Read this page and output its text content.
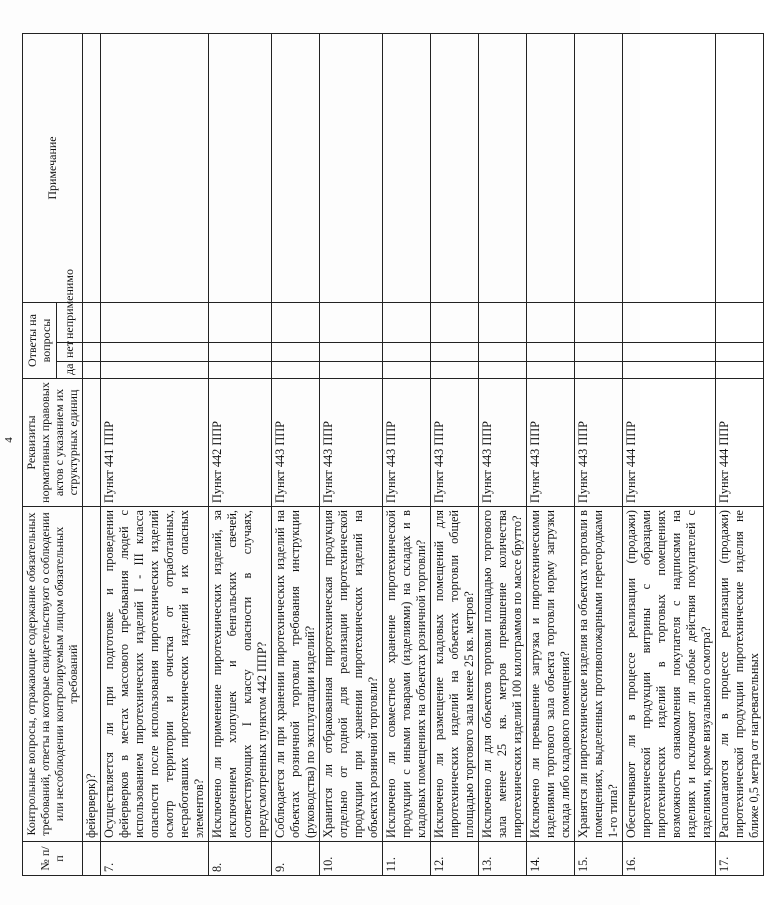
4
№ п/п	Контрольные вопросы, отражающие содержание обязательных требований, ответы на которые свидетельствуют о соблюдении или несоблюдении контролируемым лицом обязательных требований	Реквизиты нормативных правовых актов с указанием их структурных единиц	Ответы на вопросы			Примечание
			да	нет	неприменимо	
	фейерверк)?					
7.	Осуществляется ли при подготовке и проведении фейерверков в местах массового пребывания людей с использованием пиротехнических изделий I - III класса опасности после использования пиротехнических изделий осмотр территории и очистка от отработанных, несработавших пиротехнических изделий и их опасных элементов?	Пункт 441 ППР				
8.	Исключено ли применение пиротехнических изделий, за исключением хлопушек и бенгальских свечей, соответствующих I классу опасности в случаях, предусмотренных пунктом 442 ППР?	Пункт 442 ППР				
9.	Соблюдается ли при хранении пиротехнических изделий на объектах розничной торговли требования инструкции (руководства) по эксплуатации изделий?	Пункт 443 ППР				
10.	Хранится ли отбракованная пиротехническая продукция отдельно от годной для реализации пиротехнической продукции при хранении пиротехнических изделий на объектах розничной торговли?	Пункт 443 ППР				
11.	Исключено ли совместное хранение пиротехнической продукции с иными товарами (изделиями) на складах и в кладовых помещениях на объектах розничной торговли?	Пункт 443 ППР				
12.	Исключено ли размещение кладовых помещений для пиротехнических изделий на объектах торговли общей площадью торгового зала менее 25 кв. метров?	Пункт 443 ППР				
13.	Исключено ли для объектов торговли площадью торгового зала менее 25 кв. метров превышение количества пиротехнических изделий 100 килограммов по массе брутто?	Пункт 443 ППР				
14.	Исключено ли превышение загрузка и пиротехническими изделиями торгового зала объекта торговли норму загрузки склада либо кладового помещения?	Пункт 443 ППР				
15.	Хранятся ли пиротехнические изделия на объектах торговли в помещениях, выделенных противопожарными перегородками 1-го типа?	Пункт 443 ППР				
16.	Обеспечивают ли в процессе реализации (продажи) пиротехнической продукции витрины с образцами пиротехнических изделий в торговых помещениях возможность ознакомления покупателя с надписями на изделиях и исключают ли любые действия покупателей с изделиями, кроме визуального осмотра?	Пункт 444 ППР				
17.	Располагаются ли в процессе реализации (продажи) пиротехнической продукции пиротехнические изделия не ближе 0,5 метра от нагревательных	Пункт 444 ППР				
